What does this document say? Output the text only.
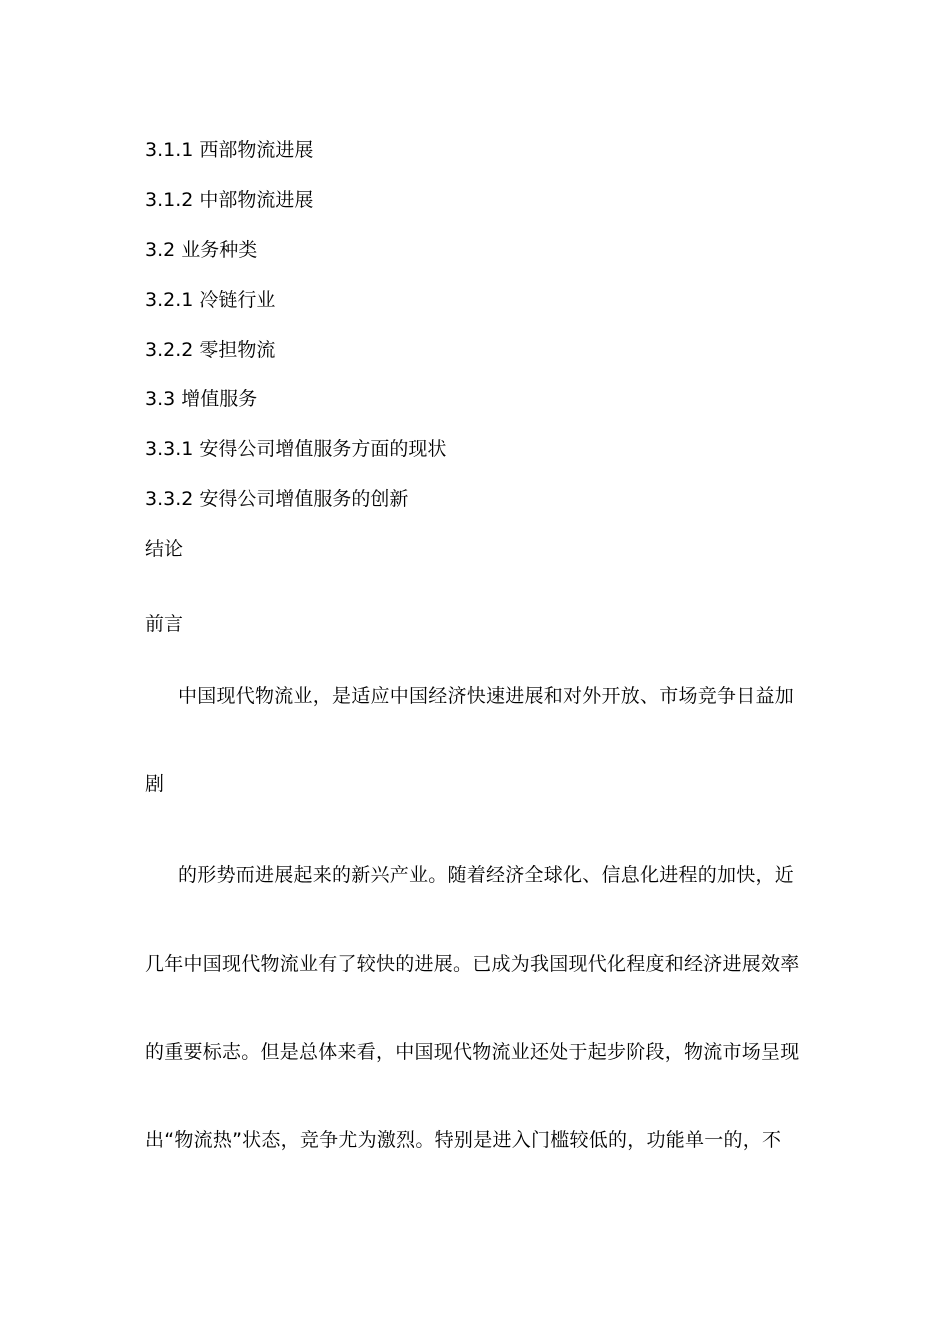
3.1.1 西部物流进展
3.1.2 中部物流进展
3.2 业务种类
3.2.1 冷链行业
3.2.2 零担物流
3.3 增值服务
3.3.1 安得公司增值服务方面的现状
3.3.2 安得公司增值服务的创新
结论
前言
中国现代物流业，是适应中国经济快速进展和对外开放、市场竞争日益加
剧
的形势而进展起来的新兴产业。随着经济全球化、信息化进程的加快，近
几年中国现代物流业有了较快的进展。已成为我国现代化程度和经济进展效率
的重要标志。但是总体来看，中国现代物流业还处于起步阶段，物流市场呈现
出“物流热”状态，竞争尤为激烈。特别是进入门槛较低的，功能单一的，不
